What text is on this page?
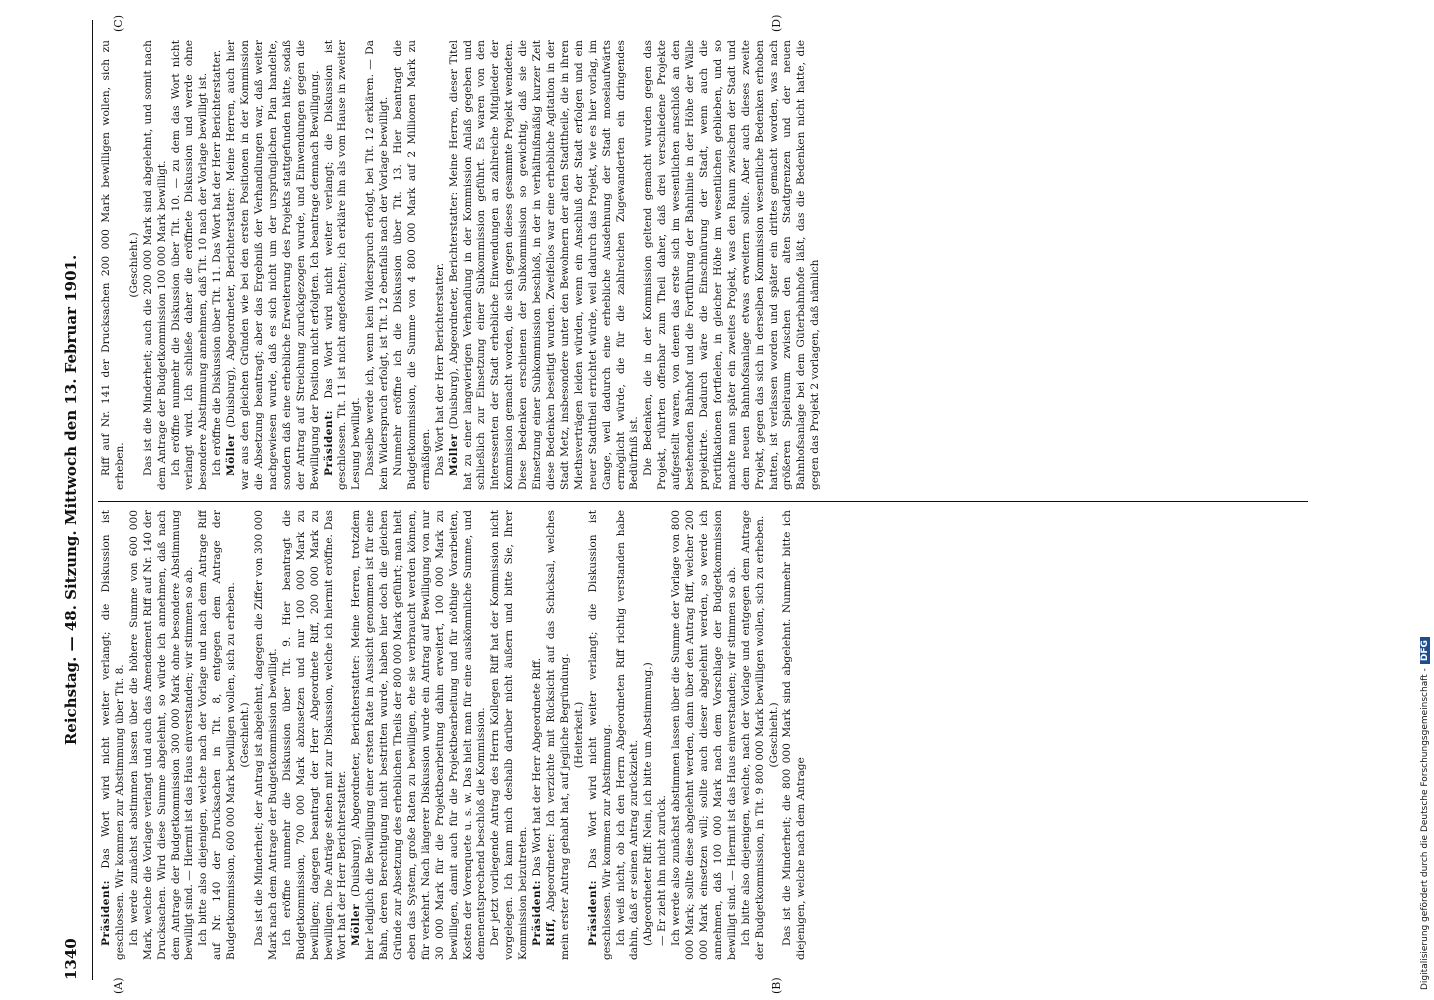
1340
Reichstag. — 48. Sitzung. Mittwoch den 13. Februar 1901.
(A)	(B)
(C)	(D)

Präsident: Das Wort wird nicht weiter verlangt; die Diskussion ist geschlossen. Wir kommen zur Abstimmung über Tit. 8. Ich werde zunächst abstimmen lassen über die höhere Summe von 600 000 Mark, welche die Vorlage verlangt und auch das Amendement Riff auf Nr. 140 der Drucksachen. Wird diese Summe abgelehnt, so würde ich annehmen, daß nach dem Antrage der Budgetkommission 300 000 Mark ohne besondere Abstimmung bewilligt sind. — Hiermit ist das Haus einverstanden; wir stimmen so ab. Ich bitte also diejenigen, welche nach der Vorlage und nach dem Antrage Riff auf Nr. 140 der Drucksachen in Tit. 8, entgegen dem Antrage der Budgetkommission, 600 000 Mark bewilligen wollen, sich zu erheben. (Geschieht.) Das ist die Minderheit; der Antrag ist abgelehnt, dagegen die Ziffer von 300 000 Mark nach dem Antrage der Budgetkommission bewilligt. Ich eröffne nunmehr die Diskussion über Tit. 9. Hier beantragt die Budgetkommission, 700 000 Mark abzusetzen und nur 100 000 Mark zu bewilligen; dagegen beantragt der Herr Abgeordnete Riff, 200 000 Mark zu bewilligen. Die Anträge stehen mit zur Diskussion, welche ich hiermit eröffne. Das Wort hat der Herr Berichterstatter. Möller (Duisburg), Abgeordneter, Berichterstatter: Meine Herren, trotzdem hier lediglich die Bewilligung einer ersten Rate in Aussicht genommen ist für eine Bahn, deren Berechtigung nicht bestritten wurde, haben hier doch die gleichen Gründe zur Absetzung des erheblichen Theils der 800 000 Mark geführt; man hielt eben das System, große Raten zu bewilligen, ehe sie verbraucht werden können, für verkehrt. Nach längerer Diskussion wurde ein Antrag auf Bewilligung von nur 30 000 Mark für die Projektbearbeitung dahin erweitert, 100 000 Mark zu bewilligen, damit auch für die Projektbearbeitung und für nöthige Vorarbeiten, Kosten der Vorenquete u. s. w. Das hielt man für eine auskömmliche Summe, und demenentsprechend beschloß die Kommission. Der jetzt vorliegende Antrag des Herrn Kollegen Riff hat der Kommission nicht vorgelegen. Ich kann mich deshalb darüber nicht äußern und bitte Sie, Ihrer Kommission beizutreten. Präsident: Das Wort hat der Herr Abgeordnete Riff.

Riff, Abgeordneter: Ich verzichte mit Rücksicht auf das Schicksal, welches mein erster Antrag gehabt hat, auf jegliche Begründung. (Heiterkeit.)

Präsident: Das Wort wird nicht weiter verlangt; die Diskussion ist geschlossen. Wir kommen zur Abstimmung. Ich weiß nicht, ob ich den Herrn Abgeordneten Riff richtig verstanden habe dahin, daß er seinen Antrag zurückzieht. (Abgeordneter Riff: Nein, ich bitte um Abstimmung.) — Er zieht ihn nicht zurück. Ich werde also zunächst abstimmen lassen über die Summe der Vorlage von 800 000 Mark; sollte diese abgelehnt werden, dann über den Antrag Riff, welcher 200 000 Mark einsetzen will; sollte auch dieser abgelehnt werden, so werde ich annehmen, daß 100 000 Mark nach dem Vorschlage der Budgetkommission bewilligt sind. — Hiermit ist das Haus einverstanden; wir stimmen so ab. Ich bitte also diejenigen, welche, nach der Vorlage und entgegen dem Antrage der Budgetkommission, in Tit. 9 800 000 Mark bewilligen wollen, sich zu erheben. (Geschieht.) Das ist die Minderheit; die 800 000 Mark sind abgelehnt. Nunmehr bitte ich diejenigen, welche nach dem Antrage

Riff auf Nr. 141 der Drucksachen 200 000 Mark bewilligen wollen, sich zu erheben.

(Geschieht.) Das ist die Minderheit; auch die 200 000 Mark sind abgelehnt, und somit nach dem Antrage der Budgetkommission 100 000 Mark bewilligt. Ich eröffne nunmehr die Diskussion über Tit. 10. — zu dem das Wort nicht verlangt wird. Ich schließe daher die eröffnete Diskussion und werde ohne besondere Abstimmung annehmen, daß Tit. 10 nach der Vorlage bewilligt ist. Ich eröffne die Diskussion über Tit. 11. Das Wort hat der Herr Berichterstatter. Möller (Duisburg), Abgeordneter, Berichterstatter: Meine Herren, auch hier war aus den gleichen Gründen wie bei den ersten Positionen in der Kommission die Absetzung beantragt; aber das Ergebniß der Verhandlungen war, daß weiter nachgewiesen wurde, daß es sich nicht um der ursprünglichen Plan handelte, sondern daß eine erhebliche Erweiterung des Projekts stattgefunden hätte, sodaß der Antrag auf Streichung zurückgezogen wurde, und Einwendungen gegen die Bewilligung der Position nicht erfolgten. Ich beantrage demnach Bewilligung. Präsident: Das Wort wird nicht weiter verlangt; die Diskussion ist geschlossen. Tit. 11 ist nicht angefochten; ich erkläre ihn als vom Hause in zweiter Lesung bewilligt. Dasselbe werde ich, wenn kein Widerspruch erfolgt, bei Tit. 12 erklären. — Da kein Widerspruch erfolgt, ist Tit. 12 ebenfalls nach der Vorlage bewilligt. Nunmehr eröffne ich die Diskussion über Tit. 13. Hier beantragt die Budgetkommission, die Summe von 4 800 000 Mark auf 2 Millionen Mark zu ermäßigen. Das Wort hat der Herr Berichterstatter. Möller (Duisburg), Abgeordneter, Berichterstatter: Meine Herren, dieser Titel hat zu einer langwierigen Verhandlung in der Kommission Anlaß gegeben und schließlich zur Einsetzung einer Subkommission geführt. Es waren von den Interessenten der Stadt erhebliche Einwendungen an zahlreiche Mitglieder der Kommission gemacht worden, die sich gegen dieses gesammte Projekt wendeten. Diese Bedenken erschienen der Subkommission so gewichtig, daß sie die Einsetzung einer Subkommission beschloß, in der in verhältnißmäßig kurzer Zeit diese Bedenken beseitigt wurden. Zweifellos war eine erhebliche Agitation in der Stadt Metz, insbesondere unter den Bewohnern der alten Stadttheile, die in ihren Miethsverträgen leiden würden, wenn ein Anschluß der Stadt erfolgen und ein neuer Stadttheil errichtet würde, weil dadurch das Projekt, wie es hier vorlag, im Gange, weil dadurch eine erhebliche Ausdehnung der Stadt moselaufwärts ermöglicht würde, die für die zahlreichen Zugewanderten ein dringendes Bedürfniß ist. Die Bedenken, die in der Kommission geltend gemacht wurden gegen das Projekt, rührten offenbar zum Theil daher, daß drei verschiedene Projekte aufgestellt waren, von denen das erste sich im wesentlichen anschloß an den bestehenden Bahnhof und die Fortführung der Bahnlinie in der Höhe der Wälle projektirte. Dadurch wäre die Einschnürung der Stadt, wenn auch die Fortifikationen fortfielen, in gleicher Höhe im wesentlichen geblieben, und so machte man später ein zweites Projekt, was den Raum zwischen der Stadt und dem neuen Bahnhofsanlage etwas erweitern sollte. Aber auch dieses zweite Projekt, gegen das sich in derselben Kommission wesentliche Bedenken erhoben hatten, ist verlassen worden und später ein drittes gemacht worden, was nach größeren Spielraum zwischen den alten Stadtgrenzen und der neuen Bahnhofsanlage bei dem Güterbahnhofe läßt, das die Bedenken nicht hatte, die gegen das Projekt 2 vorlagen, daß nämlich

Digitalisierung gefördert durch die Deutsche Forschungsgemeinschaft -DFG
